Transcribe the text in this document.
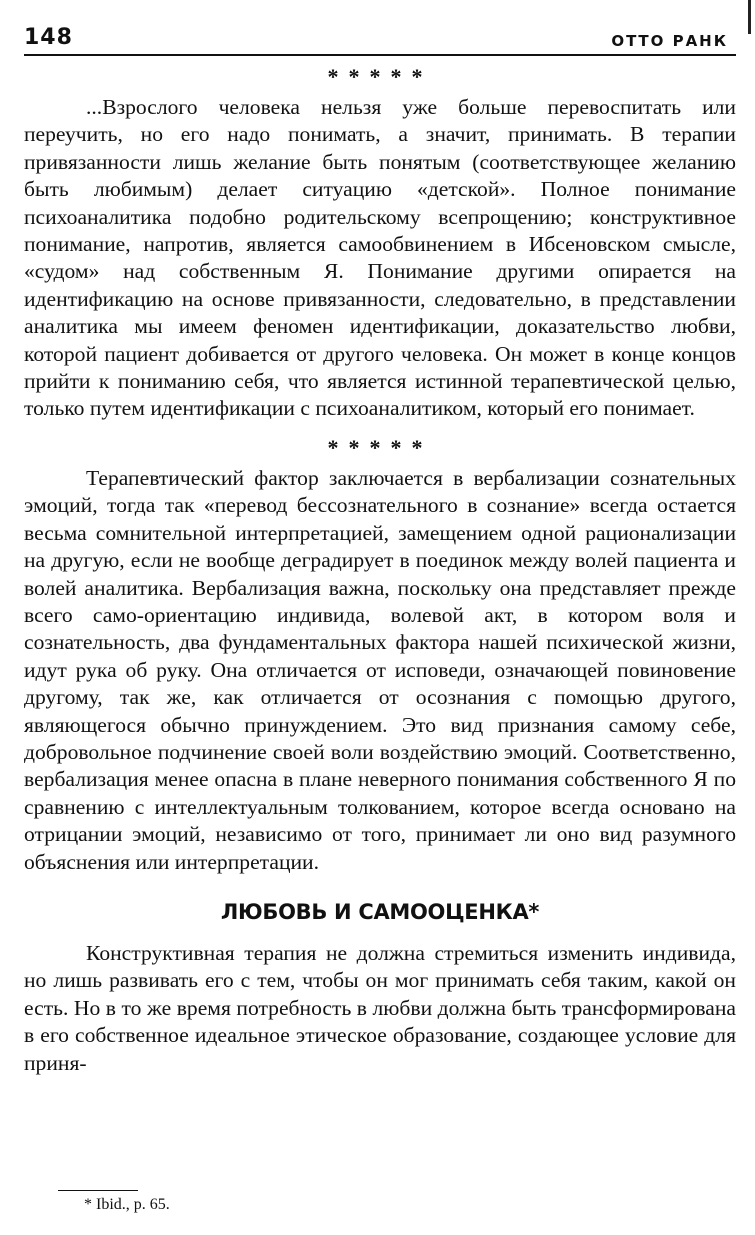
148	ОТТО РАНК
*****

...Взрослого человека нельзя уже больше перевоспитать или переучить, но его надо понимать, а значит, принимать. В терапии привязанности лишь желание быть понятым (соответствующее желанию быть любимым) делает ситуацию «детской». Полное понимание психоаналитика подобно родительскому всепрощению; конструктивное понимание, напротив, является самообвинением в Ибсеновском смысле, «судом» над собственным Я. Понимание другими опирается на идентификацию на основе привязанности, следовательно, в представлении аналитика мы имеем феномен идентификации, доказательство любви, которой пациент добивается от другого человека. Он может в конце концов прийти к пониманию себя, что является истинной терапевтической целью, только путем идентификации с психоаналитиком, который его понимает.

*****

Терапевтический фактор заключается в вербализации сознательных эмоций, тогда так «перевод бессознательного в сознание» всегда остается весьма сомнительной интерпретацией, замещением одной рационализации на другую, если не вообще деградирует в поединок между волей пациента и волей аналитика. Вербализация важна, поскольку она представляет прежде всего само-ориентацию индивида, волевой акт, в котором воля и сознательность, два фундаментальных фактора нашей психической жизни, идут рука об руку. Она отличается от исповеди, означающей повиновение другому, так же, как отличается от осознания с помощью другого, являющегося обычно принуждением. Это вид признания самому себе, добровольное подчинение своей воли воздействию эмоций. Соответственно, вербализация менее опасна в плане неверного понимания собственного Я по сравнению с интеллектуальным толкованием, которое всегда основано на отрицании эмоций, независимо от того, принимает ли оно вид разумного объяснения или интерпретации.

ЛЮБОВЬ И САМООЦЕНКА*

Конструктивная терапия не должна стремиться изменить индивида, но лишь развивать его с тем, чтобы он мог принимать себя таким, какой он есть. Но в то же время потребность в любви должна быть трансформирована в его собственное идеальное этическое образование, создающее условие для приня-

* Ibid., p. 65.
